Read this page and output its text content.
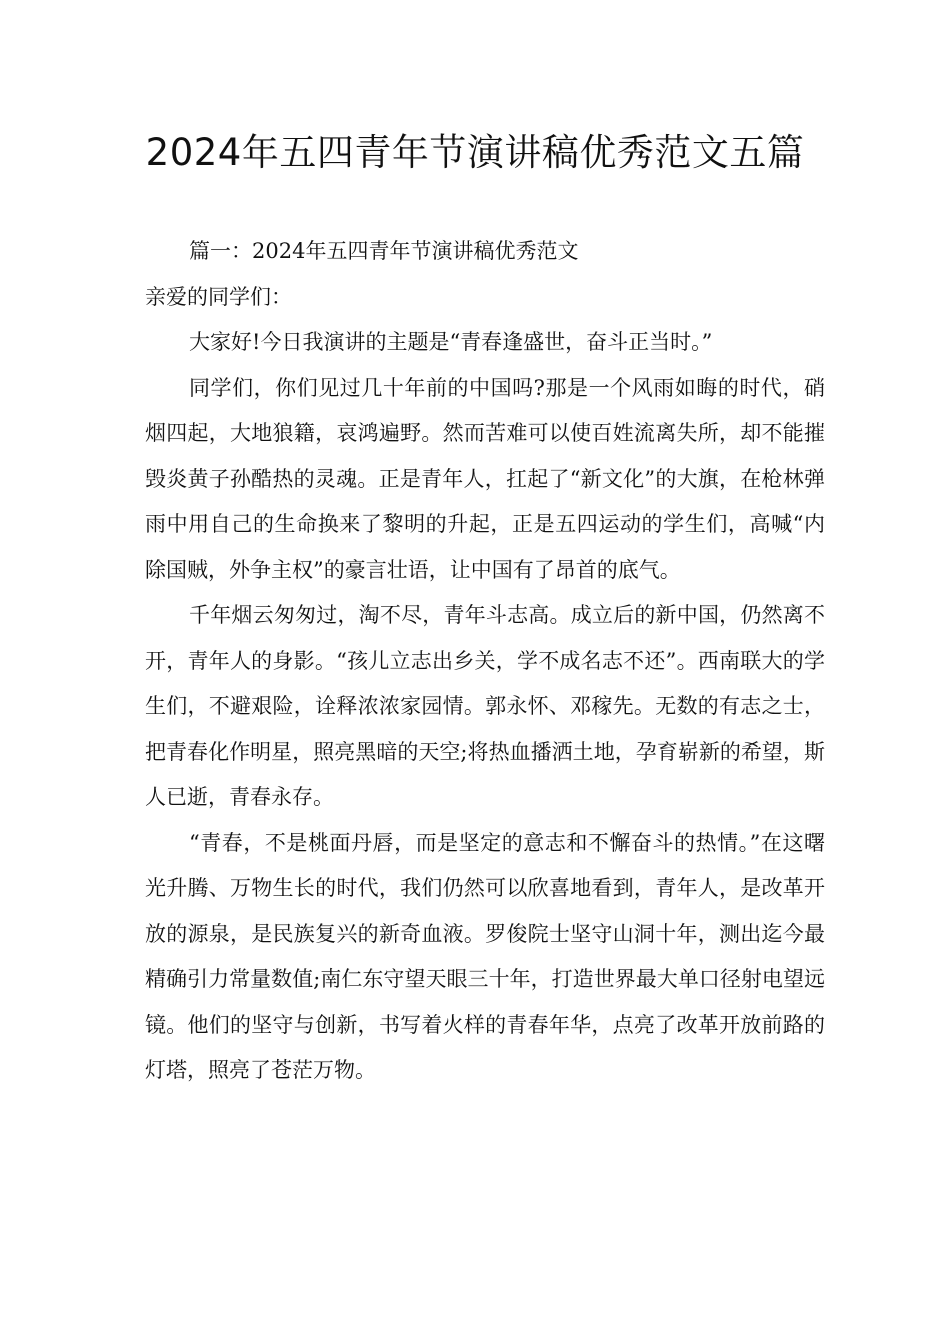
2024年五四青年节演讲稿优秀范文五篇

篇一：2024年五四青年节演讲稿优秀范文

亲爱的同学们：

大家好!今日我演讲的主题是“青春逢盛世，奋斗正当时。”

同学们，你们见过几十年前的中国吗?那是一个风雨如晦的时代，硝烟四起，大地狼籍，哀鸿遍野。然而苦难可以使百姓流离失所，却不能摧毁炎黄子孙酷热的灵魂。正是青年人，扛起了“新文化”的大旗，在枪林弹雨中用自己的生命换来了黎明的升起，正是五四运动的学生们，高喊“内除国贼，外争主权”的豪言壮语，让中国有了昂首的底气。

千年烟云匆匆过，淘不尽，青年斗志高。成立后的新中国，仍然离不开，青年人的身影。“孩儿立志出乡关，学不成名志不还”。西南联大的学生们，不避艰险，诠释浓浓家园情。郭永怀、邓稼先。无数的有志之士，把青春化作明星，照亮黑暗的天空;将热血播洒土地，孕育崭新的希望，斯人已逝，青春永存。

“青春，不是桃面丹唇，而是坚定的意志和不懈奋斗的热情。”在这曙光升腾、万物生长的时代，我们仍然可以欣喜地看到，青年人，是改革开放的源泉，是民族复兴的新奇血液。罗俊院士坚守山洞十年，测出迄今最精确引力常量数值;南仁东守望天眼三十年，打造世界最大单口径射电望远镜。他们的坚守与创新，书写着火样的青春年华，点亮了改革开放前路的灯塔，照亮了苍茫万物。
